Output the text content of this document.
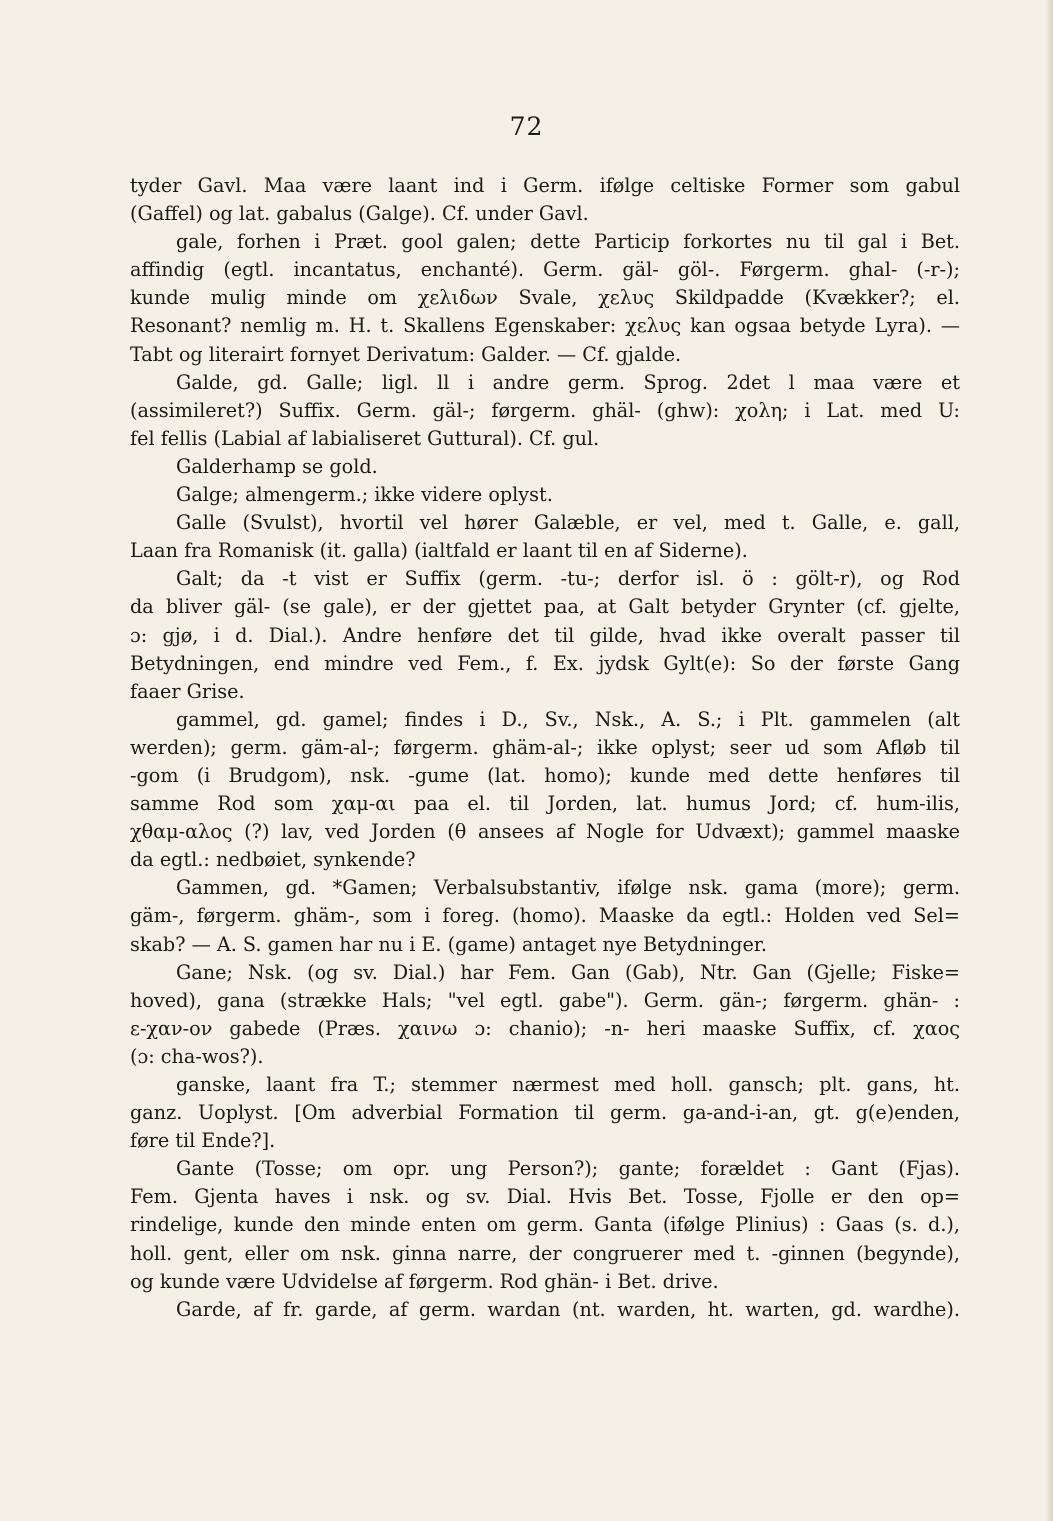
72
tyder Gavl. Maa være laant ind i Germ. ifølge celtiske Former som gabul
(Gaffel) og lat. gabalus (Galge). Cf. under Gavl.
gale, forhen i Præt. gool galen; dette Particip forkortes nu til gal i Bet.
affindig (egtl. incantatus, enchanté). Germ. gäl- göl-. Førgerm. ghal- (-r-);
kunde mulig minde om χελιδων Svale, χελυς Skildpadde (Kvækker?; el.
Resonant? nemlig m. H. t. Skallens Egenskaber: χελυς kan ogsaa betyde Lyra). —
Tabt og literairt fornyet Derivatum: Galder. — Cf. gjalde.
Galde, gd. Galle; ligl. ll i andre germ. Sprog. 2det l maa være et
(assimileret?) Suffix. Germ. gäl-; førgerm. ghäl- (ghw): χολη; i Lat. med U:
fel fellis (Labial af labialiseret Guttural). Cf. gul.
Galderhamp se gold.
Galge; almengerm.; ikke videre oplyst.
Galle (Svulst), hvortil vel hører Galæble, er vel, med t. Galle, e. gall,
Laan fra Romanisk (it. galla) (ialtfald er laant til en af Siderne).
Galt; da -t vist er Suffix (germ. -tu-; derfor isl. ö : gölt-r), og Rod
da bliver gäl- (se gale), er der gjettet paa, at Galt betyder Grynter (cf. gjelte,
ɔ: gjø, i d. Dial.). Andre henføre det til gilde, hvad ikke overalt passer til
Betydningen, end mindre ved Fem., f. Ex. jydsk Gylt(e): So der første Gang
faaer Grise.
gammel, gd. gamel; findes i D., Sv., Nsk., A. S.; i Plt. gammelen (alt
werden); germ. gäm-al-; førgerm. ghäm-al-; ikke oplyst; seer ud som Afløb til
-gom (i Brudgom), nsk. -gume (lat. homo); kunde med dette henføres til
samme Rod som χαμ-αι paa el. til Jorden, lat. humus Jord; cf. hum-ilis,
χθαμ-αλος (?) lav, ved Jorden (θ ansees af Nogle for Udvæxt); gammel maaske
da egtl.: nedbøiet, synkende?
Gammen, gd. *Gamen; Verbalsubstantiv, ifølge nsk. gama (more); germ.
gäm-, førgerm. ghäm-, som i foreg. (homo). Maaske da egtl.: Holden ved Sel=
skab? — A. S. gamen har nu i E. (game) antaget nye Betydninger.
Gane; Nsk. (og sv. Dial.) har Fem. Gan (Gab), Ntr. Gan (Gjelle; Fiske=
hoved), gana (strække Hals; "vel egtl. gabe"). Germ. gän-; førgerm. ghän- :
ε-χαν-ον gabede (Præs. χαινω ɔ: chanio); -n- heri maaske Suffix, cf. χαος
(ɔ: cha-wos?).
ganske, laant fra T.; stemmer nærmest med holl. gansch; plt. gans, ht.
ganz. Uoplyst. [Om adverbial Formation til germ. ga-and-i-an, gt. g(e)enden,
føre til Ende?].
Gante (Tosse; om opr. ung Person?); gante; forældet : Gant (Fjas).
Fem. Gjenta haves i nsk. og sv. Dial. Hvis Bet. Tosse, Fjolle er den op=
rindelige, kunde den minde enten om germ. Ganta (ifølge Plinius) : Gaas (s. d.),
holl. gent, eller om nsk. ginna narre, der congruerer med t. -ginnen (begynde),
og kunde være Udvidelse af førgerm. Rod ghän- i Bet. drive.
Garde, af fr. garde, af germ. wardan (nt. warden, ht. warten, gd. wardhe).
